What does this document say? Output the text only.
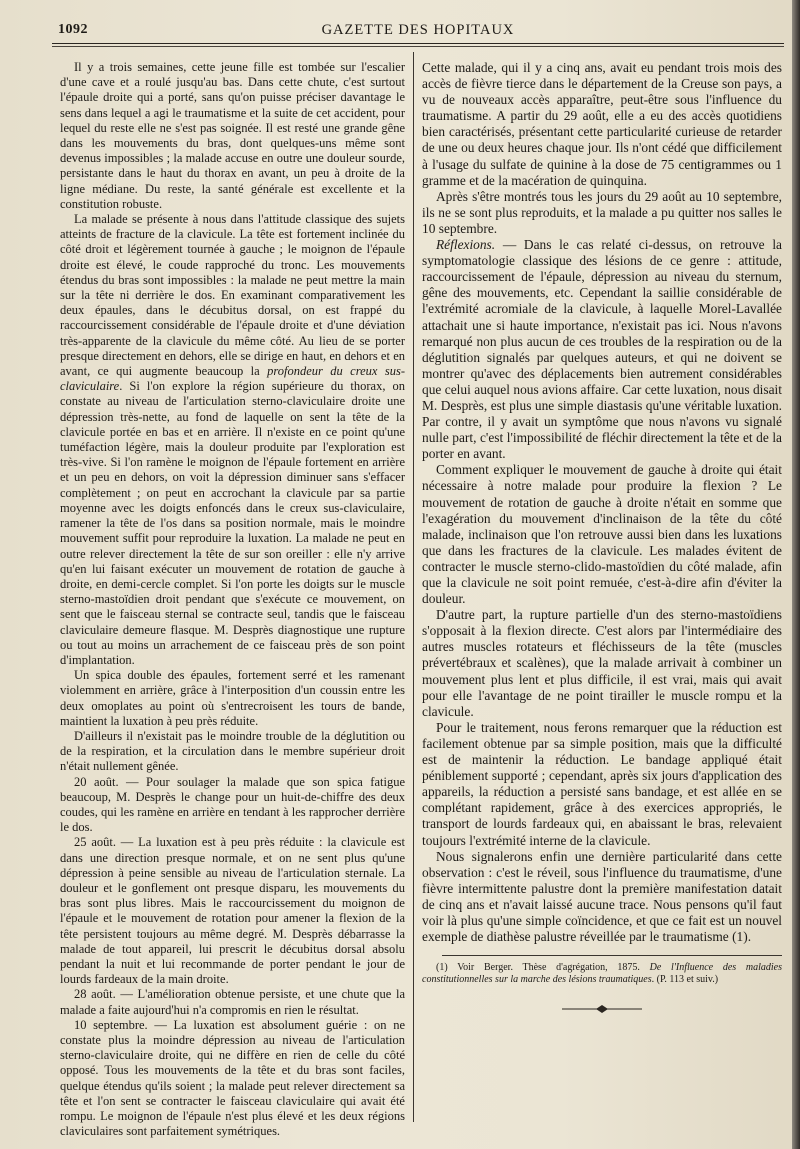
1092	GAZETTE DES HOPITAUX

Il y a trois semaines, cette jeune fille est tombée sur l'escalier d'une cave et a roulé jusqu'au bas. Dans cette chute, c'est surtout l'épaule droite qui a porté, sans qu'on puisse préciser davantage le sens dans lequel a agi le traumatisme et la suite de cet accident, pour lequel du reste elle ne s'est pas soignée. Il est resté une grande gêne dans les mouvements du bras, dont quelques-uns même sont devenus impossibles ; la malade accuse en outre une douleur sourde, persistante dans le haut du thorax en avant, un peu à droite de la ligne médiane. Du reste, la santé générale est excellente et la constitution robuste.

La malade se présente à nous dans l'attitude classique des sujets atteints de fracture de la clavicule. La tête est fortement inclinée du côté droit et légèrement tournée à gauche ; le moignon de l'épaule droite est élevé, le coude rapproché du tronc. Les mouvements étendus du bras sont impossibles : la malade ne peut mettre la main sur la tête ni derrière le dos. En examinant comparativement les deux épaules, dans le décubitus dorsal, on est frappé du raccourcissement considérable de l'épaule droite et d'une déviation très-apparente de la clavicule du même côté. Au lieu de se porter presque directement en dehors, elle se dirige en haut, en dehors et en avant, ce qui augmente beaucoup la profondeur du creux sus-claviculaire. Si l'on explore la région supérieure du thorax, on constate au niveau de l'articulation sterno-claviculaire droite une dépression très-nette, au fond de laquelle on sent la tête de la clavicule portée en bas et en arrière. Il n'existe en ce point qu'une tuméfaction légère, mais la douleur produite par l'exploration est très-vive. Si l'on ramène le moignon de l'épaule fortement en arrière et un peu en dehors, on voit la dépression diminuer sans s'effacer complètement ; on peut en accrochant la clavicule par sa partie moyenne avec les doigts enfoncés dans le creux sus-claviculaire, ramener la tête de l'os dans sa position normale, mais le moindre mouvement suffit pour reproduire la luxation. La malade ne peut en outre relever directement la tête de sur son oreiller : elle n'y arrive qu'en lui faisant exécuter un mouvement de rotation de gauche à droite, en demi-cercle complet. Si l'on porte les doigts sur le muscle sterno-mastoïdien droit pendant que s'exécute ce mouvement, on sent que le faisceau sternal se contracte seul, tandis que le faisceau claviculaire demeure flasque. M. Desprès diagnostique une rupture ou tout au moins un arrachement de ce faisceau près de son point d'implantation.

Un spica double des épaules, fortement serré et les ramenant violemment en arrière, grâce à l'interposition d'un coussin entre les deux omoplates au point où s'entrecroisent les tours de bande, maintient la luxation à peu près réduite.

D'ailleurs il n'existait pas le moindre trouble de la déglutition ou de la respiration, et la circulation dans le membre supérieur droit n'était nullement gênée.

20 août. — Pour soulager la malade que son spica fatigue beaucoup, M. Desprès le change pour un huit-de-chiffre des deux coudes, qui les ramène en arrière en tendant à les rapprocher derrière le dos.

25 août. — La luxation est à peu près réduite : la clavicule est dans une direction presque normale, et on ne sent plus qu'une dépression à peine sensible au niveau de l'articulation sternale. La douleur et le gonflement ont presque disparu, les mouvements du bras sont plus libres. Mais le raccourcissement du moignon de l'épaule et le mouvement de rotation pour amener la flexion de la tête persistent toujours au même degré. M. Desprès débarrasse la malade de tout appareil, lui prescrit le décubitus dorsal absolu pendant la nuit et lui recommande de porter pendant le jour de lourds fardeaux de la main droite.

28 août. — L'amélioration obtenue persiste, et une chute que la malade a faite aujourd'hui n'a compromis en rien le résultat.

10 septembre. — La luxation est absolument guérie : on ne constate plus la moindre dépression au niveau de l'articulation sterno-claviculaire droite, qui ne diffère en rien de celle du côté opposé. Tous les mouvements de la tête et du bras sont faciles, quelque étendus qu'ils soient ; la malade peut relever directement sa tête et l'on sent se contracter le faisceau claviculaire qui avait été rompu. Le moignon de l'épaule n'est plus élevé et les deux régions claviculaires sont parfaitement symétriques.

Cette malade, qui il y a cinq ans, avait eu pendant trois mois des accès de fièvre tierce dans le département de la Creuse son pays, a vu de nouveaux accès apparaître, peut-être sous l'influence du traumatisme. A partir du 29 août, elle a eu des accès quotidiens bien caractérisés, présentant cette particularité curieuse de retarder de une ou deux heures chaque jour. Ils n'ont cédé que difficilement à l'usage du sulfate de quinine à la dose de 75 centigrammes ou 1 gramme et de la macération de quinquina.

Après s'être montrés tous les jours du 29 août au 10 septembre, ils ne se sont plus reproduits, et la malade a pu quitter nos salles le 10 septembre.

Réflexions. — Dans le cas relaté ci-dessus, on retrouve la symptomatologie classique des lésions de ce genre : attitude, raccourcissement de l'épaule, dépression au niveau du sternum, gêne des mouvements, etc. Cependant la saillie considérable de l'extrémité acromiale de la clavicule, à laquelle Morel-Lavallée attachait une si haute importance, n'existait pas ici. Nous n'avons remarqué non plus aucun de ces troubles de la respiration ou de la déglutition signalés par quelques auteurs, et qui ne doivent se montrer qu'avec des déplacements bien autrement considérables que celui auquel nous avions affaire. Car cette luxation, nous disait M. Desprès, est plus une simple diastasis qu'une véritable luxation. Par contre, il y avait un symptôme que nous n'avons vu signalé nulle part, c'est l'impossibilité de fléchir directement la tête et de la porter en avant.

Comment expliquer le mouvement de gauche à droite qui était nécessaire à notre malade pour produire la flexion ? Le mouvement de rotation de gauche à droite n'était en somme que l'exagération du mouvement d'inclinaison de la tête du côté malade, inclinaison que l'on retrouve aussi bien dans les luxations que dans les fractures de la clavicule. Les malades évitent de contracter le muscle sterno-clido-mastoïdien du côté malade, afin que la clavicule ne soit point remuée, c'est-à-dire afin d'éviter la douleur.

D'autre part, la rupture partielle d'un des sterno-mastoïdiens s'opposait à la flexion directe. C'est alors par l'intermédiaire des autres muscles rotateurs et fléchisseurs de la tête (muscles prévertébraux et scalènes), que la malade arrivait à combiner un mouvement plus lent et plus difficile, il est vrai, mais qui avait pour elle l'avantage de ne point tirailler le muscle rompu et la clavicule.

Pour le traitement, nous ferons remarquer que la réduction est facilement obtenue par sa simple position, mais que la difficulté est de maintenir la réduction. Le bandage appliqué était péniblement supporté ; cependant, après six jours d'application des appareils, la réduction a persisté sans bandage, et est allée en se complétant rapidement, grâce à des exercices appropriés, le transport de lourds fardeaux qui, en abaissant le bras, relevaient toujours l'extrémité interne de la clavicule.

Nous signalerons enfin une dernière particularité dans cette observation : c'est le réveil, sous l'influence du traumatisme, d'une fièvre intermittente palustre dont la première manifestation datait de cinq ans et n'avait laissé aucune trace. Nous pensons qu'il faut voir là plus qu'une simple coïncidence, et que ce fait est un nouvel exemple de diathèse palustre réveillée par le traumatisme (1).

(1) Voir Berger. Thèse d'agrégation, 1875. De l'Influence des maladies constitutionnelles sur la marche des lésions traumatiques. (P. 113 et suiv.)
